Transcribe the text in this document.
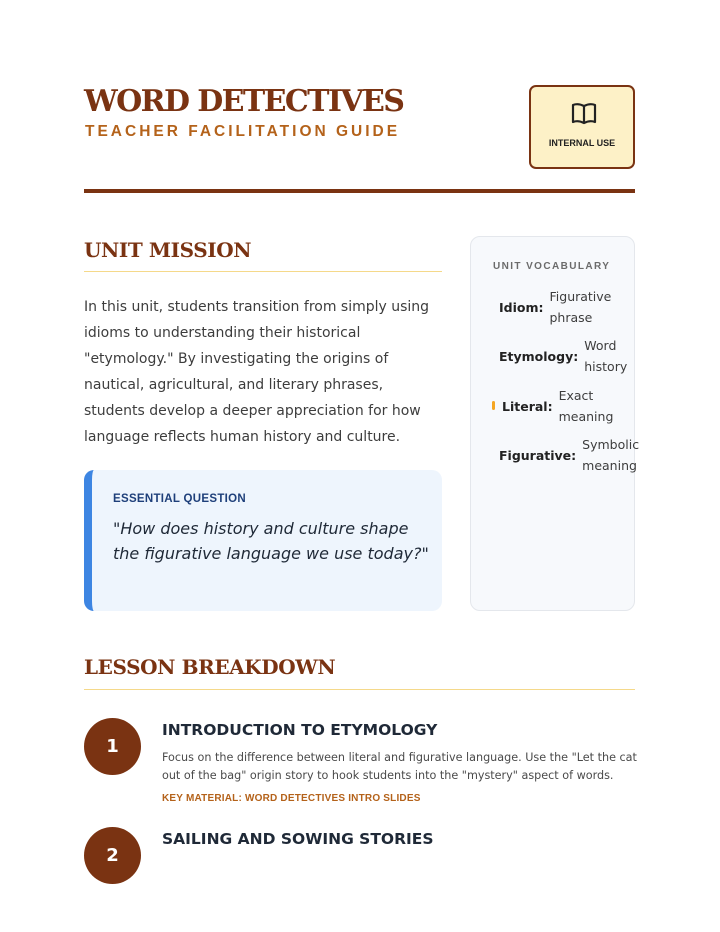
WORD DETECTIVES
TEACHER FACILITATION GUIDE
INTERNAL USE
UNIT MISSION
In this unit, students transition from simply using idioms to understanding their historical "etymology." By investigating the origins of nautical, agricultural, and literary phrases, students develop a deeper appreciation for how language reflects human history and culture.
ESSENTIAL QUESTION
"How does history and culture shape the figurative language we use today?"
UNIT VOCABULARY
Idiom:
Figurative phrase
Etymology:
Word history
Literal:
Exact meaning
Figurative:
Symbolic meaning
LESSON BREAKDOWN
1
INTRODUCTION TO ETYMOLOGY
Focus on the difference between literal and figurative language. Use the "Let the cat out of the bag" origin story to hook students into the "mystery" aspect of words.
KEY MATERIAL: WORD DETECTIVES INTRO SLIDES
2
SAILING AND SOWING STORIES
